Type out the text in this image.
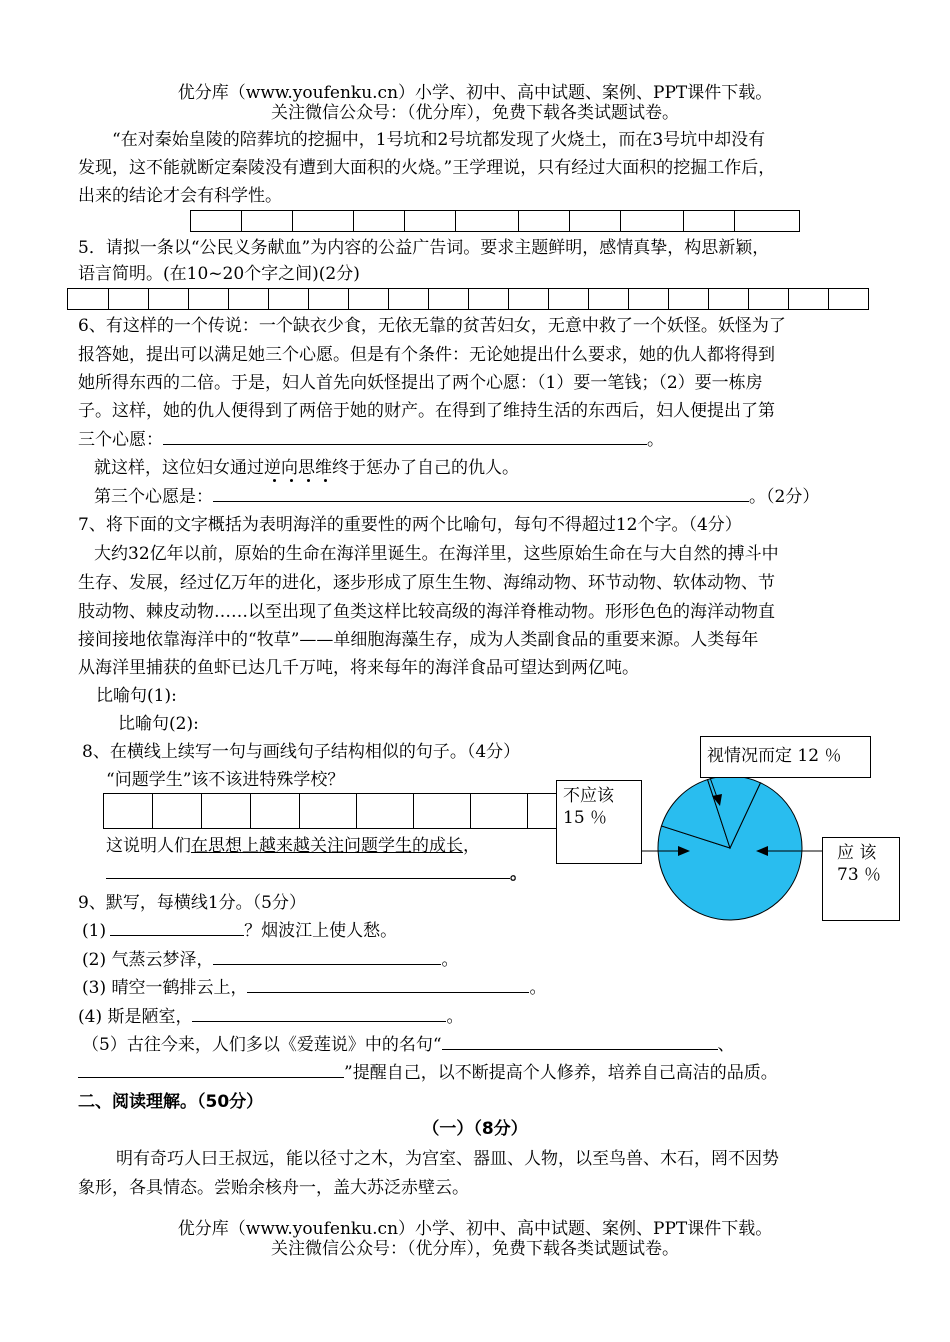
优分库（www.youfenku.cn）小学、初中、高中试题、案例、PPT课件下载。
关注微信公众号：（优分库），免费下载各类试题试卷。
“在对秦始皇陵的陪葬坑的挖掘中，1号坑和2号坑都发现了火烧土，而在3号坑中却没有
发现，这不能就断定秦陵没有遭到大面积的火烧。”王学理说，只有经过大面积的挖掘工作后，
出来的结论才会有科学性。
5．请拟一条以“公民义务献血”为内容的公益广告词。要求主题鲜明，感情真挚，构思新颖，
语言简明。(在10~20个字之间)(2分)
6、有这样的一个传说：一个缺衣少食，无依无靠的贫苦妇女，无意中救了一个妖怪。妖怪为了
报答她，提出可以满足她三个心愿。但是有个条件：无论她提出什么要求，她的仇人都将得到
她所得东西的二倍。于是，妇人首先向妖怪提出了两个心愿：（1）要一笔钱；（2）要一栋房
子。这样，她的仇人便得到了两倍于她的财产。在得到了维持生活的东西后，妇人便提出了第
三个心愿：	。
就这样，这位妇女通过逆向思维终于惩办了自己的仇人。
第三个心愿是：	。（2分）
7、将下面的文字概括为表明海洋的重要性的两个比喻句，每句不得超过12个字。（4分）
大约32亿年以前，原始的生命在海洋里诞生。在海洋里，这些原始生命在与大自然的搏斗中
生存、发展，经过亿万年的进化，逐步形成了原生生物、海绵动物、环节动物、软体动物、节
肢动物、棘皮动物……以至出现了鱼类这样比较高级的海洋脊椎动物。形形色色的海洋动物直
接间接地依靠海洋中的“牧草”——单细胞海藻生存，成为人类副食品的重要来源。人类每年
从海洋里捕获的鱼虾已达几千万吨，将来每年的海洋食品可望达到两亿吨。
比喻句(1):
比喻句(2):
8、在横线上续写一句与画线句子结构相似的句子。（4分）
“问题学生”该不该进特殊学校？
这说明人们在思想上越来越关注问题学生的成长，
。
不应该
15 ％
应 该
73 ％
视情况而定 12 ％
9、默写，每横线1分。（5分）
(1)	？烟波江上使人愁。
(2) 气蒸云梦泽，	。
(3) 晴空一鹤排云上，	。
(4) 斯是陋室，	。
（5）古往今来，人们多以《爱莲说》中的名句“	、
”提醒自己，以不断提高个人修养，培养自己高洁的品质。
二、阅读理解。（50分）
（一）（8分）
明有奇巧人曰王叔远，能以径寸之木，为宫室、器皿、人物，以至鸟兽、木石，罔不因势
象形，各具情态。尝贻余核舟一，盖大苏泛赤壁云。
优分库（www.youfenku.cn）小学、初中、高中试题、案例、PPT课件下载。
关注微信公众号：（优分库），免费下载各类试题试卷。
